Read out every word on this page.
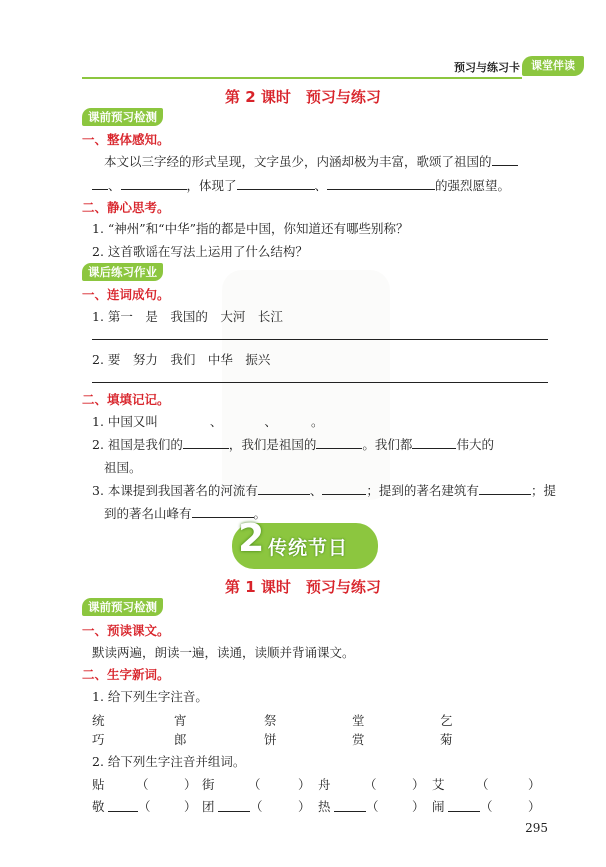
预习与练习卡	课堂伴读
第 2 课时　预习与练习
课前预习检测
一、整体感知。
本文以三字经的形式呈现，文字虽少，内涵却极为丰富，歌颂了祖国的
、	，体现了	、	的强烈愿望。
二、静心思考。
1. “神州”和“中华”指的都是中国，你知道还有哪些别称？
2. 这首歌谣在写法上运用了什么结构？
课后练习作业
一、连词成句。
1. 第一　是　我国的　大河　长江
2. 要　努力　我们　中华　振兴
二、填填记记。
1. 中国又叫	、	、	。
2. 祖国是我们的	，我们是祖国的	。我们都	伟大的
祖国。
3. 本课提到我国著名的河流有	、	；提到的著名建筑有	；提
到的著名山峰有	。
2 传统节日
第 1 课时　预习与练习
课前预习检测
一、预读课文。
默读两遍，朗读一遍，读通，读顺并背诵课文。
二、生字新词。
1. 给下列生字注音。
统	宵	祭	堂	乞
巧	郎	饼	赏	菊
2. 给下列生字注音并组词。
贴	（	） 街	（	） 舟	（	） 艾	（	）
敬	（	） 团	（	） 热	（	） 闹	（	）
295
